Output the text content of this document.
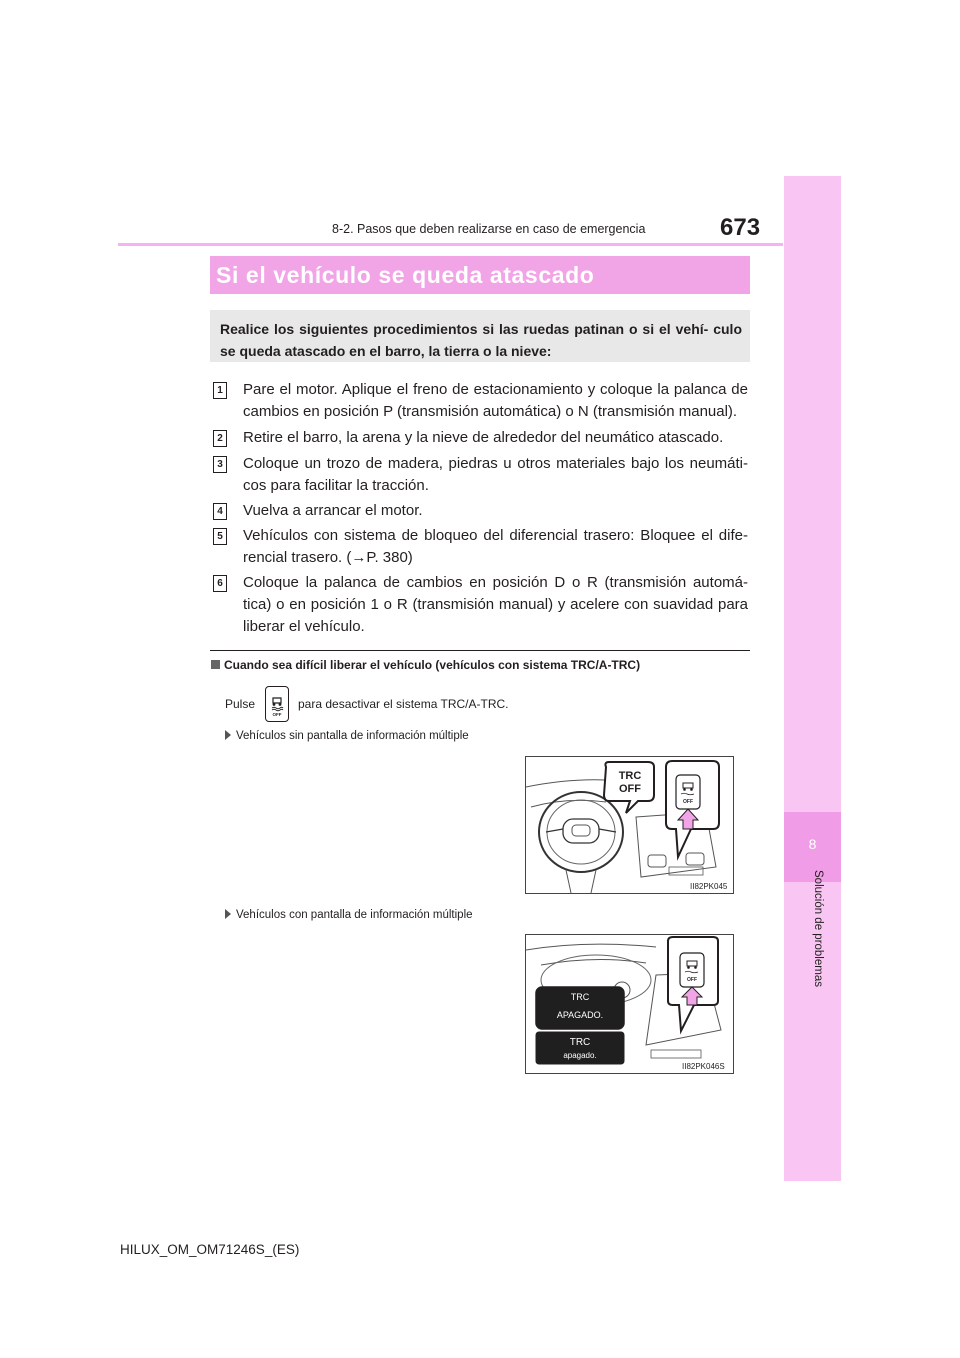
8
Solución de problemas
8-2. Pasos que deben realizarse en caso de emergencia	673
Si el vehículo se queda atascado
Realice los siguientes procedimientos si las ruedas patinan o si el vehí- culo se queda atascado en el barro, la tierra o la nieve:
1 Pare el motor. Aplique el freno de estacionamiento y coloque la palanca de cambios en posición P (transmisión automática) o N (transmisión manual).
2 Retire el barro, la arena y la nieve de alrededor del neumático atascado.
3 Coloque un trozo de madera, piedras u otros materiales bajo los neumáti- cos para facilitar la tracción.
4 Vuelva a arrancar el motor.
5 Vehículos con sistema de bloqueo del diferencial trasero: Bloquee el dife- rencial trasero. (→P. 380)
6 Coloque la palanca de cambios en posición D o R (transmisión automá- tica) o en posición 1 o R (transmisión manual) y acelere con suavidad para liberar el vehículo.
Cuando sea difícil liberar el vehículo (vehículos con sistema TRC/A-TRC)
Pulse
OFF
para desactivar el sistema TRC/A-TRC.
Vehículos sin pantalla de información múltiple
TRC
OFF
OFF
II82PK045
Vehículos con pantalla de información múltiple
TRC
APAGADO.
TRC
apagado.
OFF
II82PK046S
HILUX_OM_OM71246S_(ES)
